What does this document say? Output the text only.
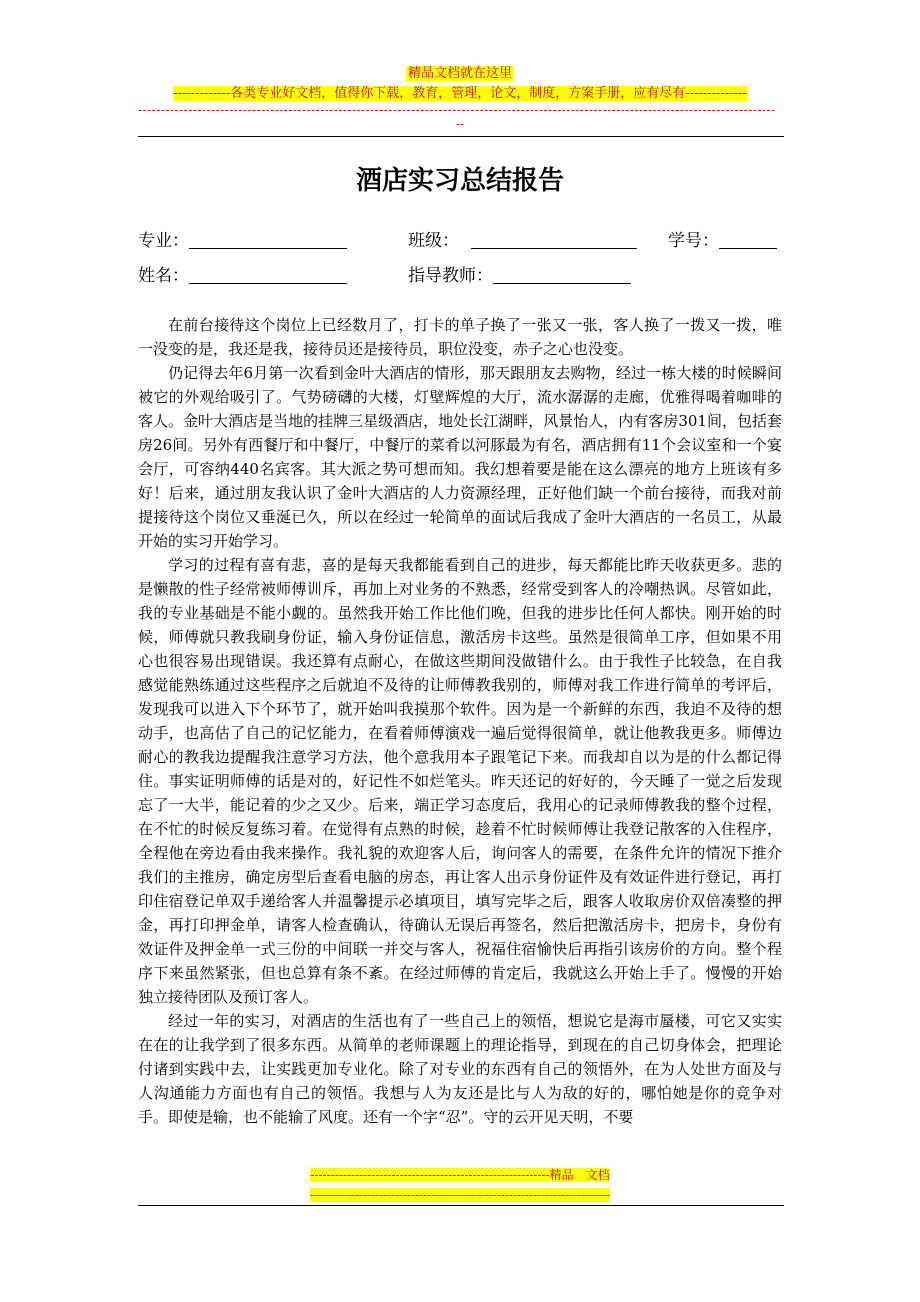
精品文档就在这里
-------------各类专业好文档，值得你下载，教育，管理，论文，制度，方案手册，应有尽有--------------
--------------------------------------------------------------------------------------------------------------------------------------------
--
酒店实习总结报告
专业：	班级：	学号：
姓名：	指导教师：

在前台接待这个岗位上已经数月了，打卡的单子换了一张又一张，客人换了一拨又一拨，唯一没变的是，我还是我，接待员还是接待员，职位没变，赤子之心也没变。

仍记得去年6月第一次看到金叶大酒店的情形，那天跟朋友去购物，经过一栋大楼的时候瞬间被它的外观给吸引了。气势磅礴的大楼，灯壁辉煌的大厅，流水潺潺的走廊，优雅得喝着咖啡的客人。金叶大酒店是当地的挂牌三星级酒店，地处长江湖畔，风景怡人，内有客房301间，包括套房26间。另外有西餐厅和中餐厅，中餐厅的菜肴以河豚最为有名，酒店拥有11个会议室和一个宴会厅，可容纳440名宾客。其大派之势可想而知。我幻想着要是能在这么漂亮的地方上班该有多好！后来，通过朋友我认识了金叶大酒店的人力资源经理，正好他们缺一个前台接待，而我对前提接待这个岗位又垂涎已久，所以在经过一轮简单的面试后我成了金叶大酒店的一名员工，从最开始的实习开始学习。

学习的过程有喜有悲，喜的是每天我都能看到自己的进步，每天都能比昨天收获更多。悲的是懒散的性子经常被师傅训斥，再加上对业务的不熟悉，经常受到客人的冷嘲热讽。尽管如此，我的专业基础是不能小觑的。虽然我开始工作比他们晚，但我的进步比任何人都快。刚开始的时候，师傅就只教我刷身份证，输入身份证信息，激活房卡这些。虽然是很简单工序，但如果不用心也很容易出现错误。我还算有点耐心，在做这些期间没做错什么。由于我性子比较急，在自我感觉能熟练通过这些程序之后就迫不及待的让师傅教我别的，师傅对我工作进行简单的考评后，发现我可以进入下个环节了，就开始叫我摸那个软件。因为是一个新鲜的东西，我迫不及待的想动手，也高估了自己的记忆能力，在看着师傅演戏一遍后觉得很简单，就让他教我更多。师傅边耐心的教我边提醒我注意学习方法，他个意我用本子跟笔记下来。而我却自以为是的什么都记得住。事实证明师傅的话是对的，好记性不如烂笔头。昨天还记的好好的，今天睡了一觉之后发现忘了一大半，能记着的少之又少。后来，端正学习态度后，我用心的记录师傅教我的整个过程，在不忙的时候反复练习着。在觉得有点熟的时候，趁着不忙时候师傅让我登记散客的入住程序，全程他在旁边看由我来操作。我礼貌的欢迎客人后，询问客人的需要，在条件允许的情况下推介我们的主推房，确定房型后查看电脑的房态，再让客人出示身份证件及有效证件进行登记，再打印住宿登记单双手递给客人并温馨提示必填项目，填写完毕之后，跟客人收取房价双倍凑整的押金，再打印押金单，请客人检查确认，待确认无误后再签名，然后把激活房卡，把房卡，身份有效证件及押金单一式三份的中间联一并交与客人，祝福住宿愉快后再指引该房价的方向。整个程序下来虽然紧张，但也总算有条不紊。在经过师傅的肯定后，我就这么开始上手了。慢慢的开始独立接待团队及预订客人。

经过一年的实习，对酒店的生活也有了一些自己上的领悟，想说它是海市蜃楼，可它又实实在在的让我学到了很多东西。从简单的老师课题上的理论指导，到现在的自己切身体会，把理论付诸到实践中去，让实践更加专业化。除了对专业的东西有自己的领悟外，在为人处世方面及与人沟通能力方面也有自己的领悟。我想与人为友还是比与人为敌的好的，哪怕她是你的竞争对手。即使是输，也不能输了风度。还有一个字“忍”。守的云开见天明，不要

-----------------------------------------------------------精品　文档
--------------------------------------------------------------------------
